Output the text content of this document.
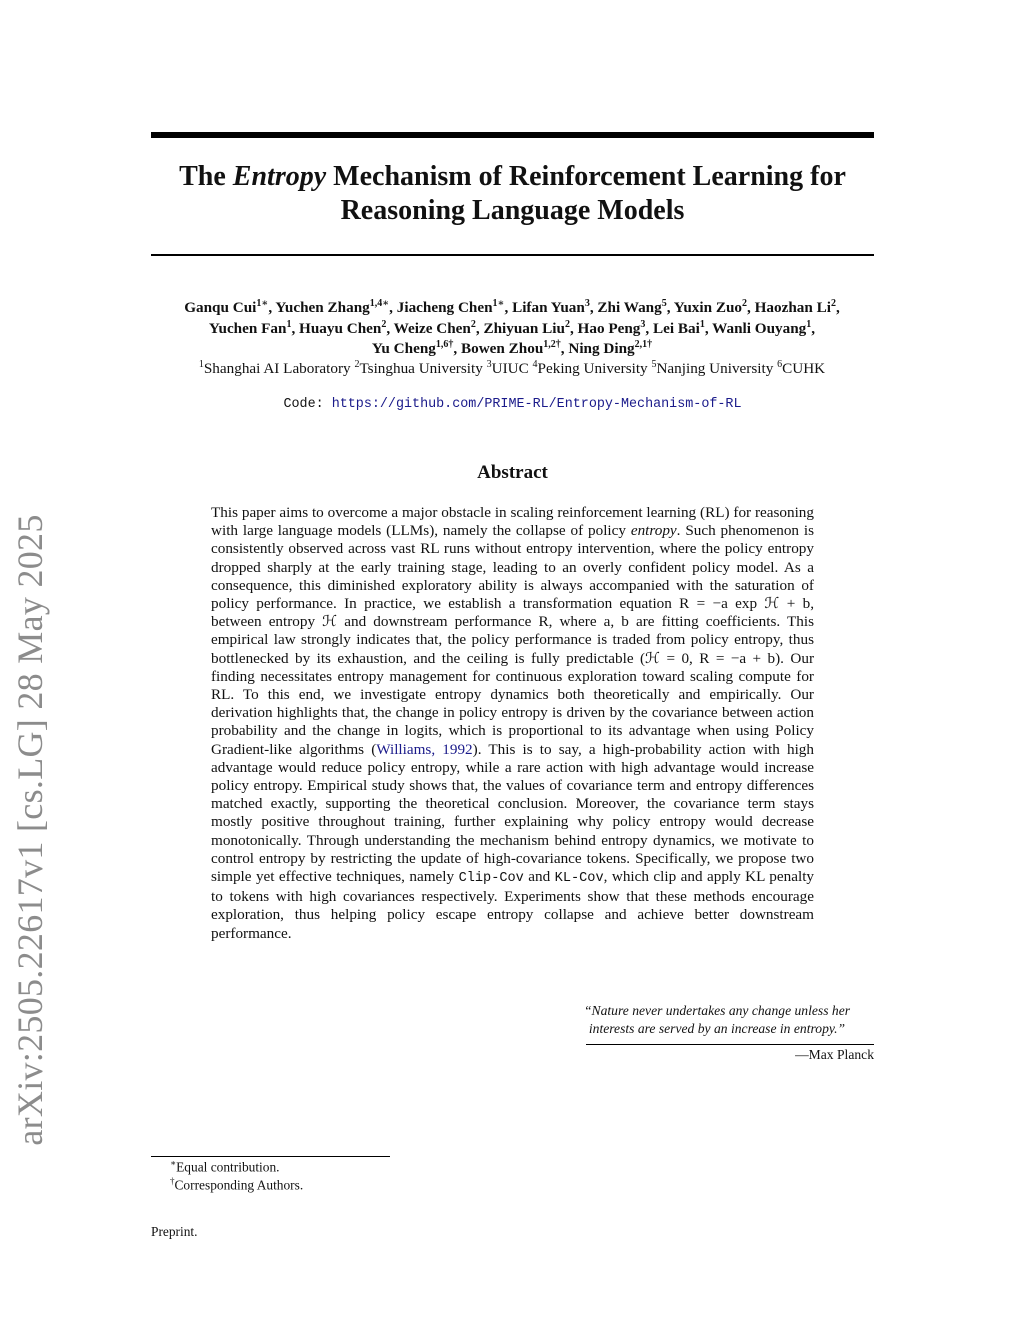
arXiv:2505.22617v1 [cs.LG] 28 May 2025
The Entropy Mechanism of Reinforcement Learning for
Reasoning Language Models
Ganqu Cui$^{1∗}$, Yuchen Zhang$^{1,4∗}$, Jiacheng Chen$^{1∗}$, Lifan Yuan$^3$, Zhi Wang$^5$, Yuxin Zuo$^2$, Haozhan Li$^2$,
Yuchen Fan$^1$, Huayu Chen$^2$, Weize Chen$^2$, Zhiyuan Liu$^2$, Hao Peng$^3$, Lei Bai$^1$, Wanli Ouyang$^1$,
Yu Cheng$^{1,6\dagger}$, Bowen Zhou$^{1,2\dagger}$, Ning Ding$^{2,1\dagger}$
$^1$Shanghai AI Laboratory $^2$Tsinghua University $^3$UIUC $^4$Peking University $^5$Nanjing University $^6$CUHK
Code: https://github.com/PRIME-RL/Entropy-Mechanism-of-RL
Abstract
This paper aims to overcome a major obstacle in scaling reinforcement learning (RL) for reasoning with large language models (LLMs), namely the collapse of policy entropy. Such phenomenon is consistently observed across vast RL runs without entropy intervention, where the policy entropy dropped sharply at the early training stage, leading to an overly confident policy model. As a consequence, this diminished exploratory ability is always accompanied with the saturation of policy performance. In practice, we establish a transformation equation R = −a exp ℋ + b, between entropy ℋ and downstream performance R, where a, b are fitting coefficients. This empirical law strongly indicates that, the policy performance is traded from policy entropy, thus bottlenecked by its exhaustion, and the ceiling is fully predictable (ℋ = 0, R = −a + b). Our finding necessitates entropy management for continuous exploration toward scaling compute for RL. To this end, we investigate entropy dynamics both theoretically and empirically. Our derivation highlights that, the change in policy entropy is driven by the covariance between action probability and the change in logits, which is proportional to its advantage when using Policy Gradient-like algorithms (Williams, 1992). This is to say, a high-probability action with high advantage would reduce policy entropy, while a rare action with high advantage would increase policy entropy. Empirical study shows that, the values of covariance term and entropy differences matched exactly, supporting the theoretical conclusion. Moreover, the covariance term stays mostly positive throughout training, further explaining why policy entropy would decrease monotonically. Through understanding the mechanism behind entropy dynamics, we motivate to control entropy by restricting the update of high-covariance tokens. Specifically, we propose two simple yet effective techniques, namely Clip-Cov and KL-Cov, which clip and apply KL penalty to tokens with high covariances respectively. Experiments show that these methods encourage exploration, thus helping policy escape entropy collapse and achieve better downstream performance.
“Nature never undertakes any change unless her
interests are served by an increase in entropy.”
—Max Planck
∗Equal contribution.
†Corresponding Authors.
Preprint.
